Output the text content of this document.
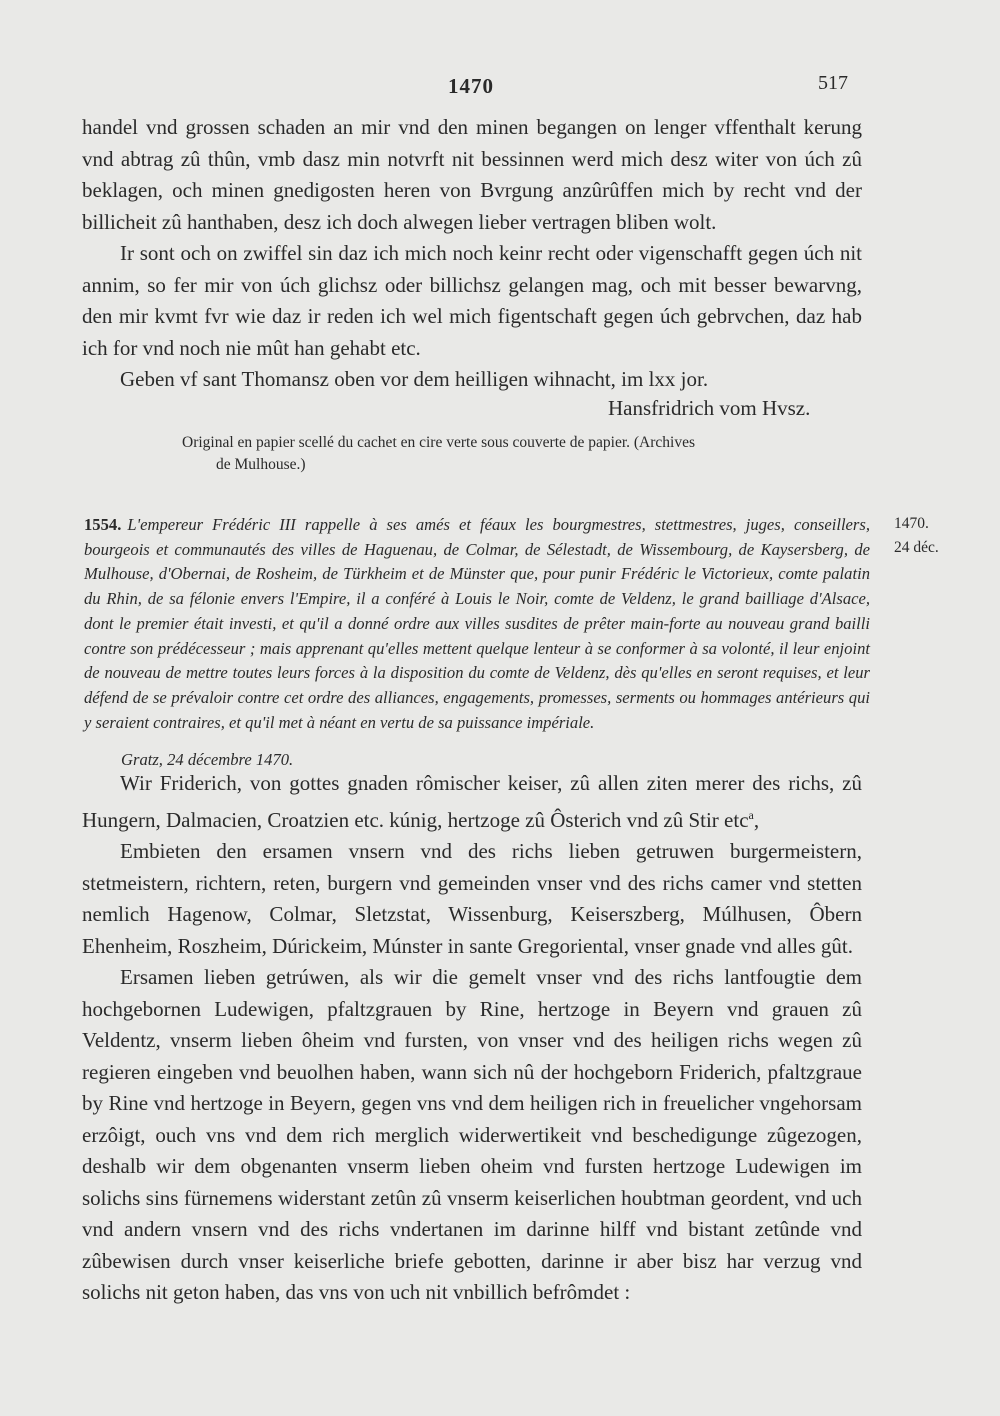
1470	517

handel vnd grossen schaden an mir vnd den minen begangen on lenger vffenthalt kerung vnd abtrag zû thûn, vmb dasz min notvrft nit bessinnen werd mich desz witer von úch zû beklagen, och minen gnedigosten heren von Bvrgung anzûrûffen mich by recht vnd der billicheit zû hanthaben, desz ich doch alwegen lieber vertragen bliben wolt.

Ir sont och on zwiffel sin daz ich mich noch keinr recht oder vigenschafft gegen úch nit annim, so fer mir von úch glichsz oder billichsz gelangen mag, och mit besser bewarvng, den mir kvmt fvr wie daz ir reden ich wel mich figentschaft gegen úch gebrvchen, daz hab ich for vnd noch nie mût han gehabt etc.

Geben vf sant Thomansz oben vor dem heilligen wihnacht, im lxx jor.

Hansfridrich vom Hvsz.
Original en papier scellé du cachet en cire verte sous couverte de papier. (Archives
de Mulhouse.)
1554. L'empereur Frédéric III rappelle à ses amés et féaux les bourgmestres, stettmestres, juges, conseillers, bourgeois et communautés des villes de Haguenau, de Colmar, de Sélestadt, de Wissembourg, de Kaysersberg, de Mulhouse, d'Obernai, de Rosheim, de Türkheim et de Münster que, pour punir Frédéric le Victorieux, comte palatin du Rhin, de sa félonie envers l'Empire, il a conféré à Louis le Noir, comte de Veldenz, le grand bailliage d'Alsace, dont le premier était investi, et qu'il a donné ordre aux villes susdites de prêter main-forte au nouveau grand bailli contre son prédécesseur ; mais apprenant qu'elles mettent quelque lenteur à se conformer à sa volonté, il leur enjoint de nouveau de mettre toutes leurs forces à la disposition du comte de Veldenz, dès qu'elles en seront requises, et leur défend de se prévaloir contre cet ordre des alliances, engagements, promesses, serments ou hommages antérieurs qui y seraient contraires, et qu'il met à néant en vertu de sa puissance impériale.
Gratz, 24 décembre 1470.
1470.
24 déc.

Wir Friderich, von gottes gnaden rômischer keiser, zû allen ziten merer des richs, zû Hungern, Dalmacien, Croatzien etc. kúnig, hertzoge zû Ôsterich vnd zû Stir etc$^a$,

Embieten den ersamen vnsern vnd des richs lieben getruwen burgermeistern, stetmeistern, richtern, reten, burgern vnd gemeinden vnser vnd des richs camer vnd stetten nemlich Hagenow, Colmar, Sletzstat, Wissenburg, Keiserszberg, Múlhusen, Ôbern Ehenheim, Roszheim, Dúrickeim, Múnster in sante Gregoriental, vnser gnade vnd alles gût.

Ersamen lieben getrúwen, als wir die gemelt vnser vnd des richs lantfougtie dem hochgebornen Ludewigen, pfaltzgrauen by Rine, hertzoge in Beyern vnd grauen zû Veldentz, vnserm lieben ôheim vnd fursten, von vnser vnd des heiligen richs wegen zû regieren eingeben vnd beuolhen haben, wann sich nû der hochgeborn Friderich, pfaltzgraue by Rine vnd hertzoge in Beyern, gegen vns vnd dem heiligen rich in freuelicher vngehorsam erzôigt, ouch vns vnd dem rich merglich widerwertikeit vnd beschedigunge zûgezogen, deshalb wir dem obgenanten vnserm lieben oheim vnd fursten hertzoge Ludewigen im solichs sins fürnemens widerstant zetûn zû vnserm keiserlichen houbtman geordent, vnd uch vnd andern vnsern vnd des richs vndertanen im darinne hilff vnd bistant zetûnde vnd zûbewisen durch vnser keiserliche briefe gebotten, darinne ir aber bisz har verzug vnd solichs nit geton haben, das vns von uch nit vnbillich befrômdet :
